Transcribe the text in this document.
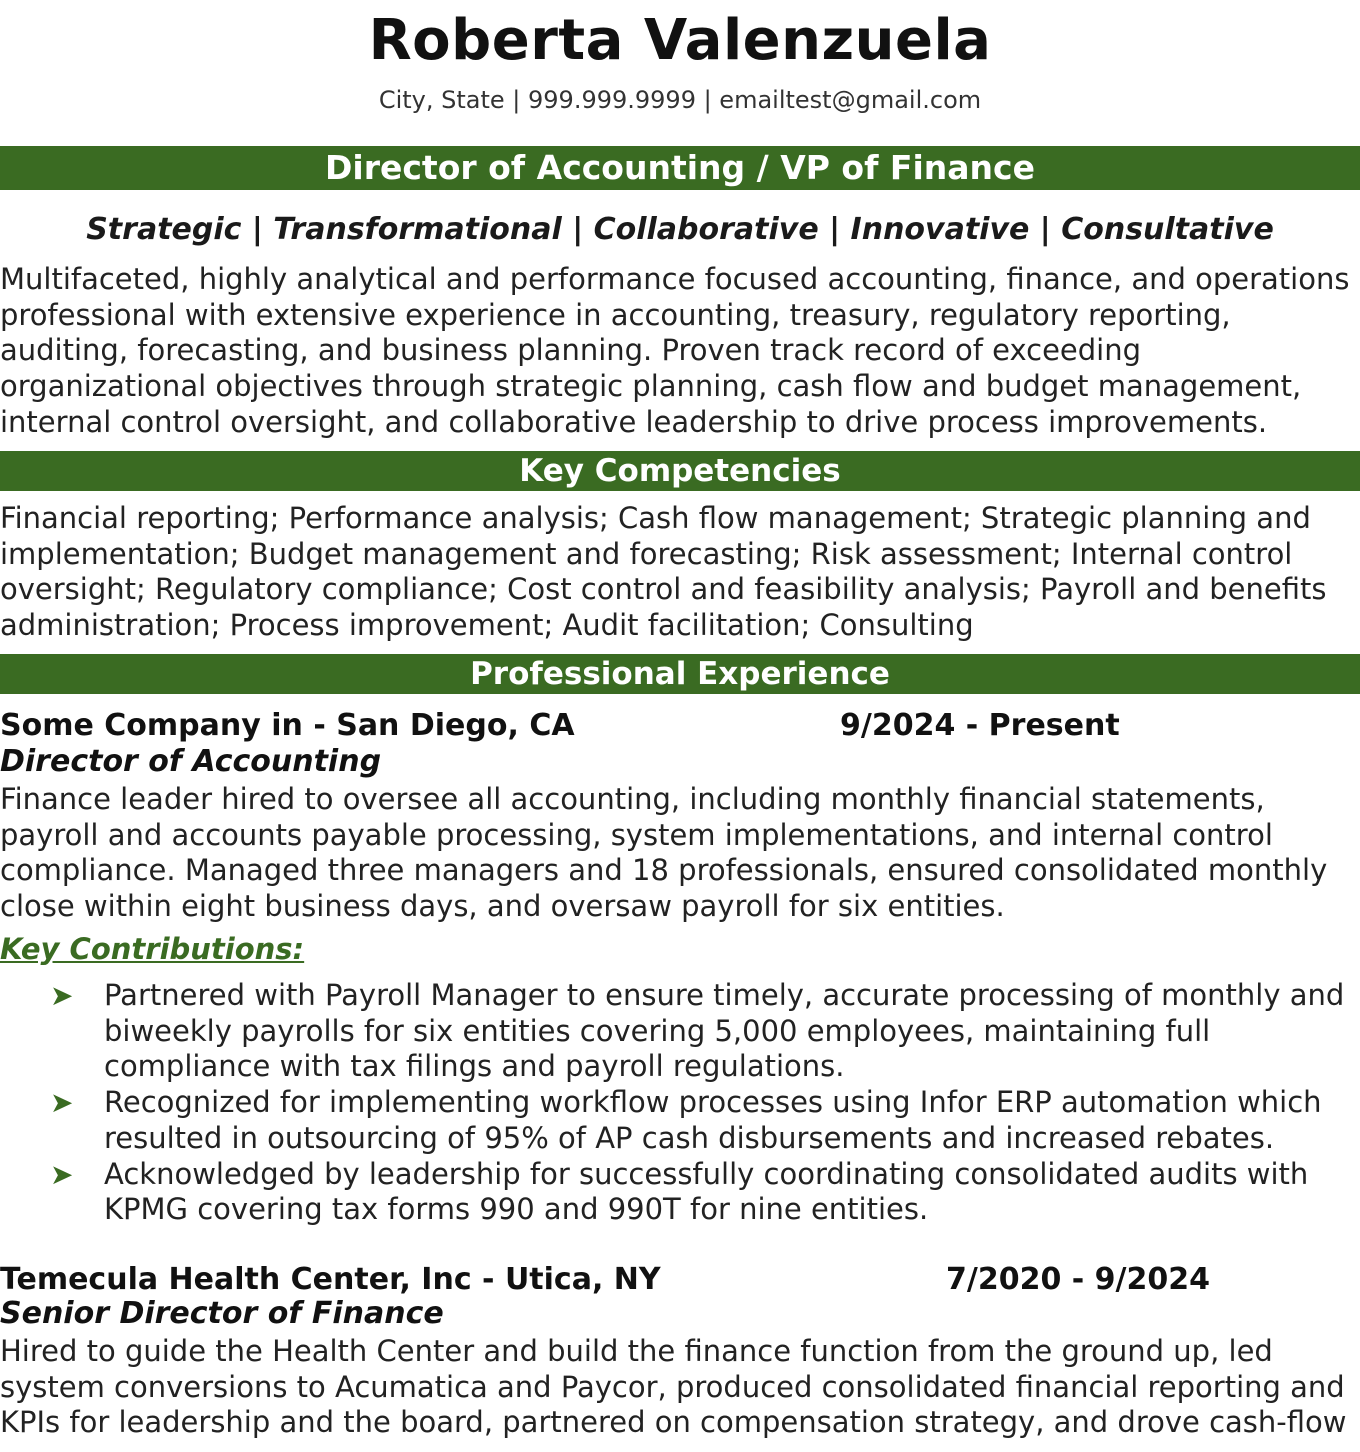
Roberta Valenzuela
City, State | 999.999.9999 | emailtest@gmail.com
Director of Accounting / VP of Finance
Strategic | Transformational | Collaborative | Innovative | Consultative
Multifaceted, highly analytical and performance focused accounting, finance, and operations
professional with extensive experience in accounting, treasury, regulatory reporting,
auditing, forecasting, and business planning. Proven track record of exceeding
organizational objectives through strategic planning, cash flow and budget management,
internal control oversight, and collaborative leadership to drive process improvements.
Key Competencies
Financial reporting; Performance analysis; Cash flow management; Strategic planning and
implementation; Budget management and forecasting; Risk assessment; Internal control
oversight; Regulatory compliance; Cost control and feasibility analysis; Payroll and benefits
administration; Process improvement; Audit facilitation; Consulting
Professional Experience
Some Company in - San Diego, CA	9/2024 - Present
Director of Accounting
Finance leader hired to oversee all accounting, including monthly financial statements,
payroll and accounts payable processing, system implementations, and internal control
compliance. Managed three managers and 18 professionals, ensured consolidated monthly
close within eight business days, and oversaw payroll for six entities.
Key Contributions:
➤ Partnered with Payroll Manager to ensure timely, accurate processing of monthly and
biweekly payrolls for six entities covering 5,000 employees, maintaining full
compliance with tax filings and payroll regulations.
➤ Recognized for implementing workflow processes using Infor ERP automation which
resulted in outsourcing of 95% of AP cash disbursements and increased rebates.
➤ Acknowledged by leadership for successfully coordinating consolidated audits with
KPMG covering tax forms 990 and 990T for nine entities.
Temecula Health Center, Inc - Utica, NY	7/2020 - 9/2024
Senior Director of Finance
Hired to guide the Health Center and build the finance function from the ground up, led
system conversions to Acumatica and Paycor, produced consolidated financial reporting and
KPIs for leadership and the board, partnered on compensation strategy, and drove cash-flow
